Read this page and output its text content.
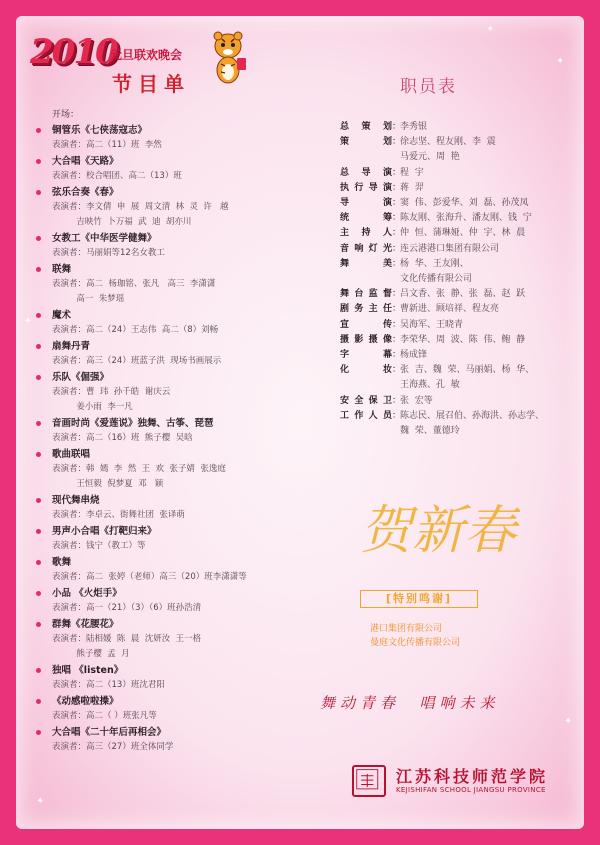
✦
✦
✦
✦
✦
2010
元旦联欢晚会
节目单
开场：
铜管乐《七侠荡寇志》
表演者：高二（11）班  李然
大合唱《天路》
表演者：校合唱团、高二（13）班
弦乐合奏《春》
表演者：李文倩  申  展  周文清  林  灵  许   越
吉映竹  卜万福  武  迪  胡亦川
女教工《中华医学健舞》
表演者：马丽娟等12名女教工
联舞
表演者：高二  杨珈铭、张凡   高三  李潇潇
高一  朱梦瑶
魔术
表演者：高二（24）王志伟  高二（8）刘畅
扇舞丹青
表演者：高三（24）班蓝子洪  现场书画展示
乐队《倔强》
表演者：曹  玮  孙千皓  谢庆云
姜小雨  李一凡
音画时尚《爱莲说》独舞、古筝、琵琶
表演者：高二（16）班  熊子樱  吴晗
歌曲联唱
表演者：韩  嫣  李  然  王  欢  张子婧  张逸庭
王恒毅  倪梦夏  邓   颖
现代舞串烧
表演者：李卓云、街舞社团  张译萌
男声小合唱《打靶归来》
表演者：钱宁（教工）等
歌舞
表演者：高二  张婷（老师）高三（20）班李潇潇等
小品 《火炬手》
表演者：高一（21）（3）（6）班孙浩清
群舞《花腰花》
表演者：陆相媛  陈  晨  沈妍汝  王一格
熊子樱  孟  月
独唱 《listen》
表演者：高二（13）班沈君阳
《动感啦啦操》
表演者：高二（ ）班张凡等
大合唱《二十年后再相会》
表演者：高三（27）班全体同学
职员表
总策划 ：
李秀银
策划 ：
徐志坚、程友刚、李  震
马爱元、周  艳
总导演 ：
程  宇
执行导演 ：
蒋  羿
导演 ：
窦  伟、彭爱华、刘  磊、孙茂凤
统筹 ：
陈友刚、张海升、潘友刚、钱  宁
主持人 ：
仲  恒、蒲琳娅、仲  宇、林  晨
音响灯光 ：
连云港港口集团有限公司
舞美 ：
杨  华、王友刚、
文化传播有限公司
舞台监督 ：
吕文香、张  静、张  磊、赵  跃
剧务主任 ：
曹新进、顾培祥、程友亮
宣传 ：
吴海军、王晓青
摄影摄像 ：
李荣华、周  波、陈  伟、鲍  静
字幕 ：
杨成锋
化妆 ：
张  吉、魏  荣、马丽娟、杨  华、
王海燕、孔  敏
安全保卫 ：
张  宏等
工作人员 ：
陈志民、展召伯、孙海洪、孙志学、
魏  荣、董德玲
贺新春
[特别鸣谢]
港口集团有限公司
曼庭文化传播有限公司
舞动青春  唱响未来
江苏科技师范学院
KEJISHIFAN SCHOOL JIANGSU PROVINCE
